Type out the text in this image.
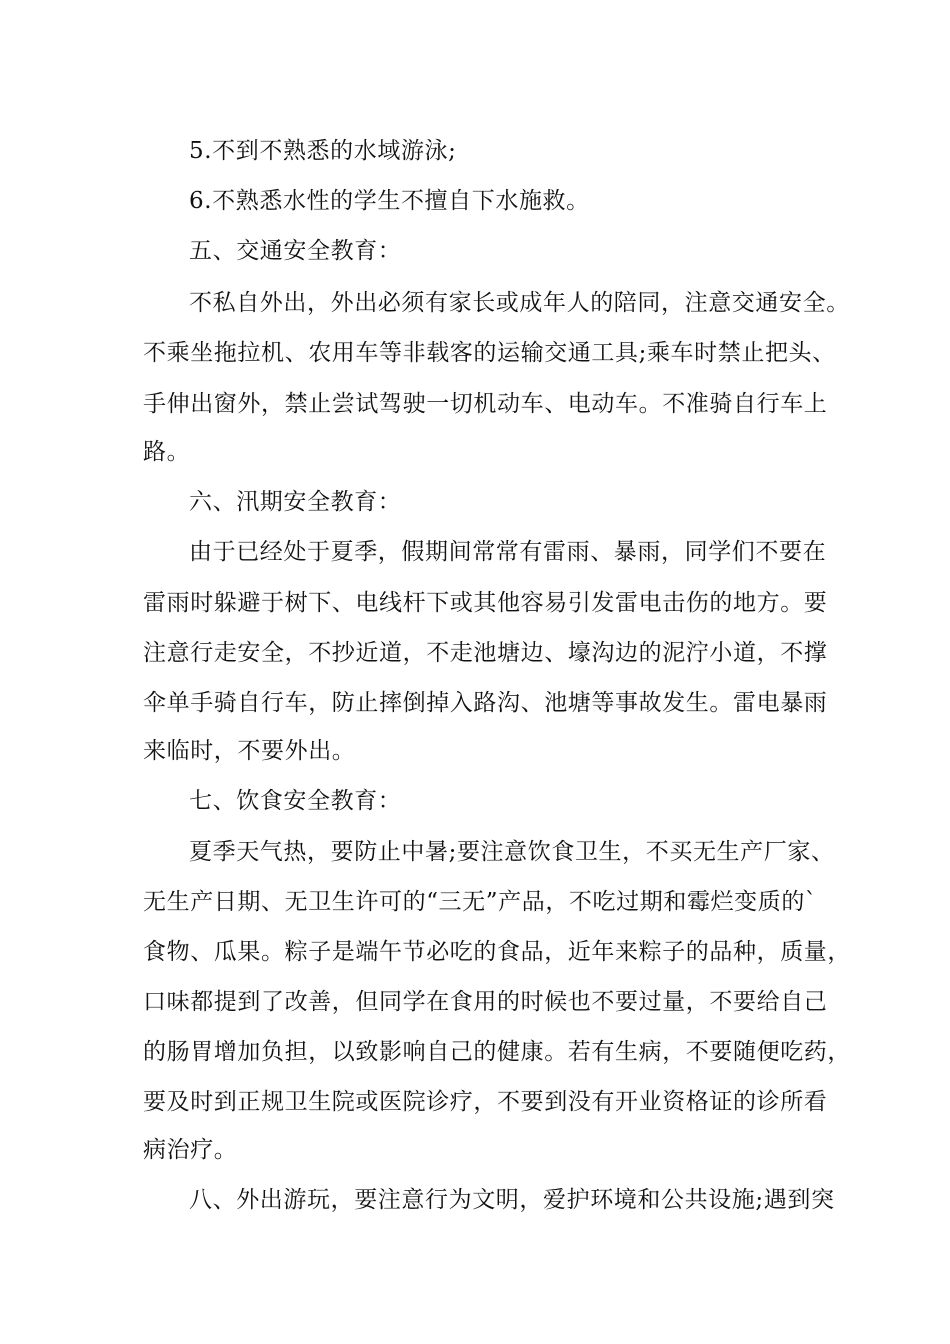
5.不到不熟悉的水域游泳;
6.不熟悉水性的学生不擅自下水施救。
五、交通安全教育：
不私自外出，外出必须有家长或成年人的陪同，注意交通安全。
不乘坐拖拉机、农用车等非载客的运输交通工具;乘车时禁止把头、
手伸出窗外，禁止尝试驾驶一切机动车、电动车。不准骑自行车上
路。
六、汛期安全教育：
由于已经处于夏季，假期间常常有雷雨、暴雨，同学们不要在
雷雨时躲避于树下、电线杆下或其他容易引发雷电击伤的地方。要
注意行走安全，不抄近道，不走池塘边、壕沟边的泥泞小道，不撑
伞单手骑自行车，防止摔倒掉入路沟、池塘等事故发生。雷电暴雨
来临时，不要外出。
七、饮食安全教育：
夏季天气热，要防止中暑;要注意饮食卫生，不买无生产厂家、
无生产日期、无卫生许可的“三无”产品，不吃过期和霉烂变质的`
食物、瓜果。粽子是端午节必吃的食品，近年来粽子的品种，质量，
口味都提到了改善，但同学在食用的时候也不要过量，不要给自己
的肠胃增加负担，以致影响自己的健康。若有生病，不要随便吃药，
要及时到正规卫生院或医院诊疗，不要到没有开业资格证的诊所看
病治疗。
八、外出游玩，要注意行为文明，爱护环境和公共设施;遇到突
